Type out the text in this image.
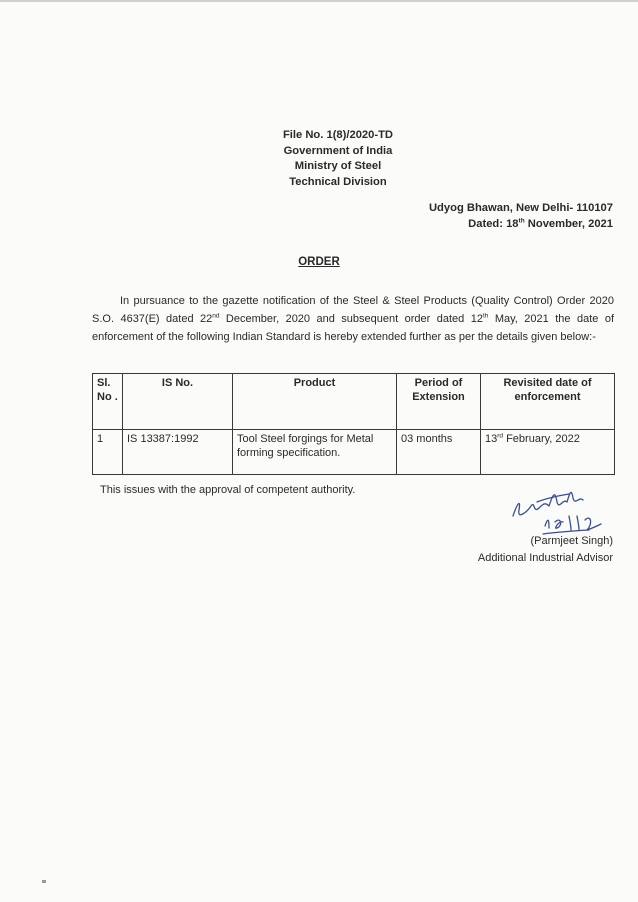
File No. 1(8)/2020-TD
Government of India
Ministry of Steel
Technical Division
Udyog Bhawan, New Delhi- 110107
Dated: 18th November, 2021
ORDER
In pursuance to the gazette notification of the Steel & Steel Products (Quality Control) Order 2020 S.O. 4637(E) dated 22nd December, 2020 and subsequent order dated 12th May, 2021 the date of enforcement of the following Indian Standard is hereby extended further as per the details given below:-
Sl. No .	IS No.	Product	Period of Extension	Revisited date of enforcement
1	IS 13387:1992	Tool Steel forgings for Metal forming specification.	03 months	13rd February, 2022
This issues with the approval of competent authority.
(Parmjeet Singh)
Additional Industrial Advisor
